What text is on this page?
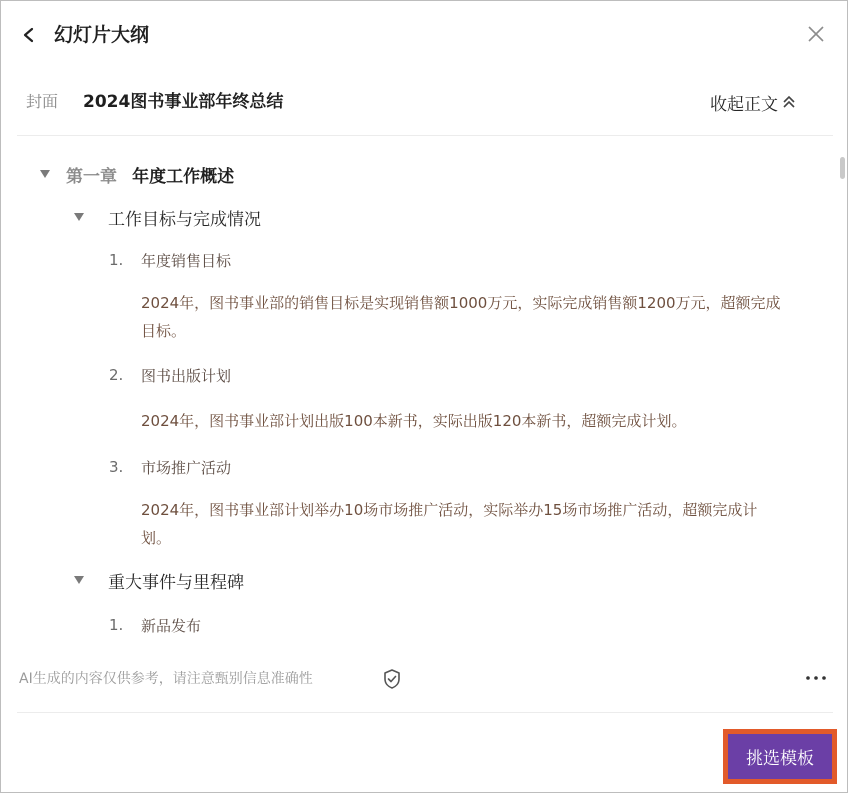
幻灯片大纲
封面 2024图书事业部年终总结	收起正文
第一章 年度工作概述
工作目标与完成情况
1. 年度销售目标
2024年，图书事业部的销售目标是实现销售额1000万元，实际完成销售额1200万元，超额完成目标。
2. 图书出版计划
2024年，图书事业部计划出版100本新书，实际出版120本新书，超额完成计划。
3. 市场推广活动
2024年，图书事业部计划举办10场市场推广活动，实际举办15场市场推广活动，超额完成计划。
重大事件与里程碑
1. 新品发布
AI生成的内容仅供参考，请注意甄别信息准确性
挑选模板
